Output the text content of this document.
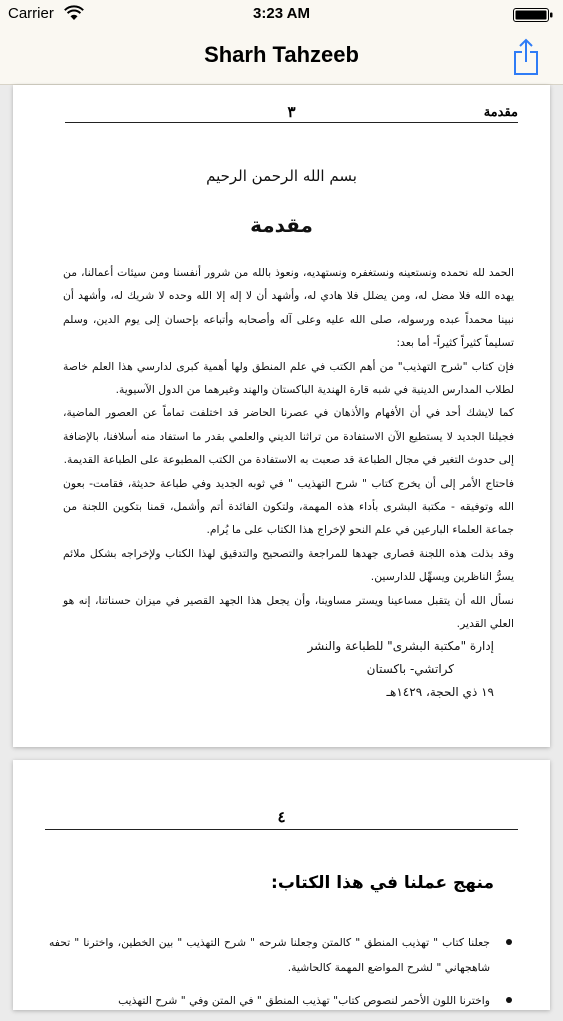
Carrier	3:23 AM
Sharh Tahzeeb
مقدمة
٣
بسم الله الرحمن الرحيم
مقدمة

الحمد لله نحمده ونستعينه ونستغفره ونستهديه، ونعوذ بالله من شرور أنفسنا ومن سيئات أعمالنا، من يهده الله فلا مضل له، ومن يضلل فلا هادي له، وأشهد أن لا إله إلا الله وحده لا شريك له، وأشهد أن نبينا محمداً عبده ورسوله، صلى الله عليه وعلى آله وأصحابه وأتباعه بإحسان إلى يوم الدين، وسلم تسليماً كثيراً كثيراً- أما بعد:

فإن كتاب "شرح التهذيب" من أهم الكتب في علم المنطق ولها أهمية كبرى لدارسي هذا العلم خاصة لطلاب المدارس الدينية في شبه قارة الهندية الباكستان والهند وغيرهما من الدول الآسيوية.

كما لايشك أحد في أن الأفهام والأذهان في عصرنا الحاضر قد اختلفت تماماً عن العصور الماضية، فجيلنا الجديد لا يستطيع الآن الاستفادة من تراثنا الديني والعلمي بقدر ما استفاد منه أسلافنا، بالإضافة إلى حدوث التغير في مجال الطباعة قد صعبت به الاستفادة من الكتب المطبوعة على الطباعة القديمة.

فاحتاج الأمر إلى أن يخرج كتاب " شرح التهذيب " في ثوبه الجديد وفي طباعة حديثة، فقامت- بعون الله وتوفيقه - مكتبة البشرى بأداء هذه المهمة، ولتكون الفائدة أتم وأشمل، قمنا بتكوين اللجنة من جماعة العلماء البارعين في علم النحو لإخراج هذا الكتاب على ما يُرام.

وقد بذلت هذه اللجنة قصارى جهدها للمراجعة والتصحيح والتدقيق لهذا الكتاب ولإخراجه بشكل ملائم يسرُّ الناظرين ويسهِّل للدارسين.

نسأل الله أن يتقبل مساعينا ويستر مساوينا، وأن يجعل هذا الجهد القصير في ميزان حسناتنا، إنه هو العلي القدير.

إدارة "مكتبة البشرى" للطباعة والنشر
كراتشي- باكستان
١٩ ذي الحجة، ١٤٢٩هـ
٤
منهج عملنا في هذا الكتاب:
جعلنا كتاب " تهذيب المنطق " كالمتن وجعلنا شرحه " شرح التهذيب " بين الخطين، واخترنا " تحفه شاهجهاني " لشرح المواضع المهمة كالحاشية.
واخترنا اللون الأحمر لنصوص كتاب" تهذيب المنطق " في المتن وفي " شرح التهذيب
